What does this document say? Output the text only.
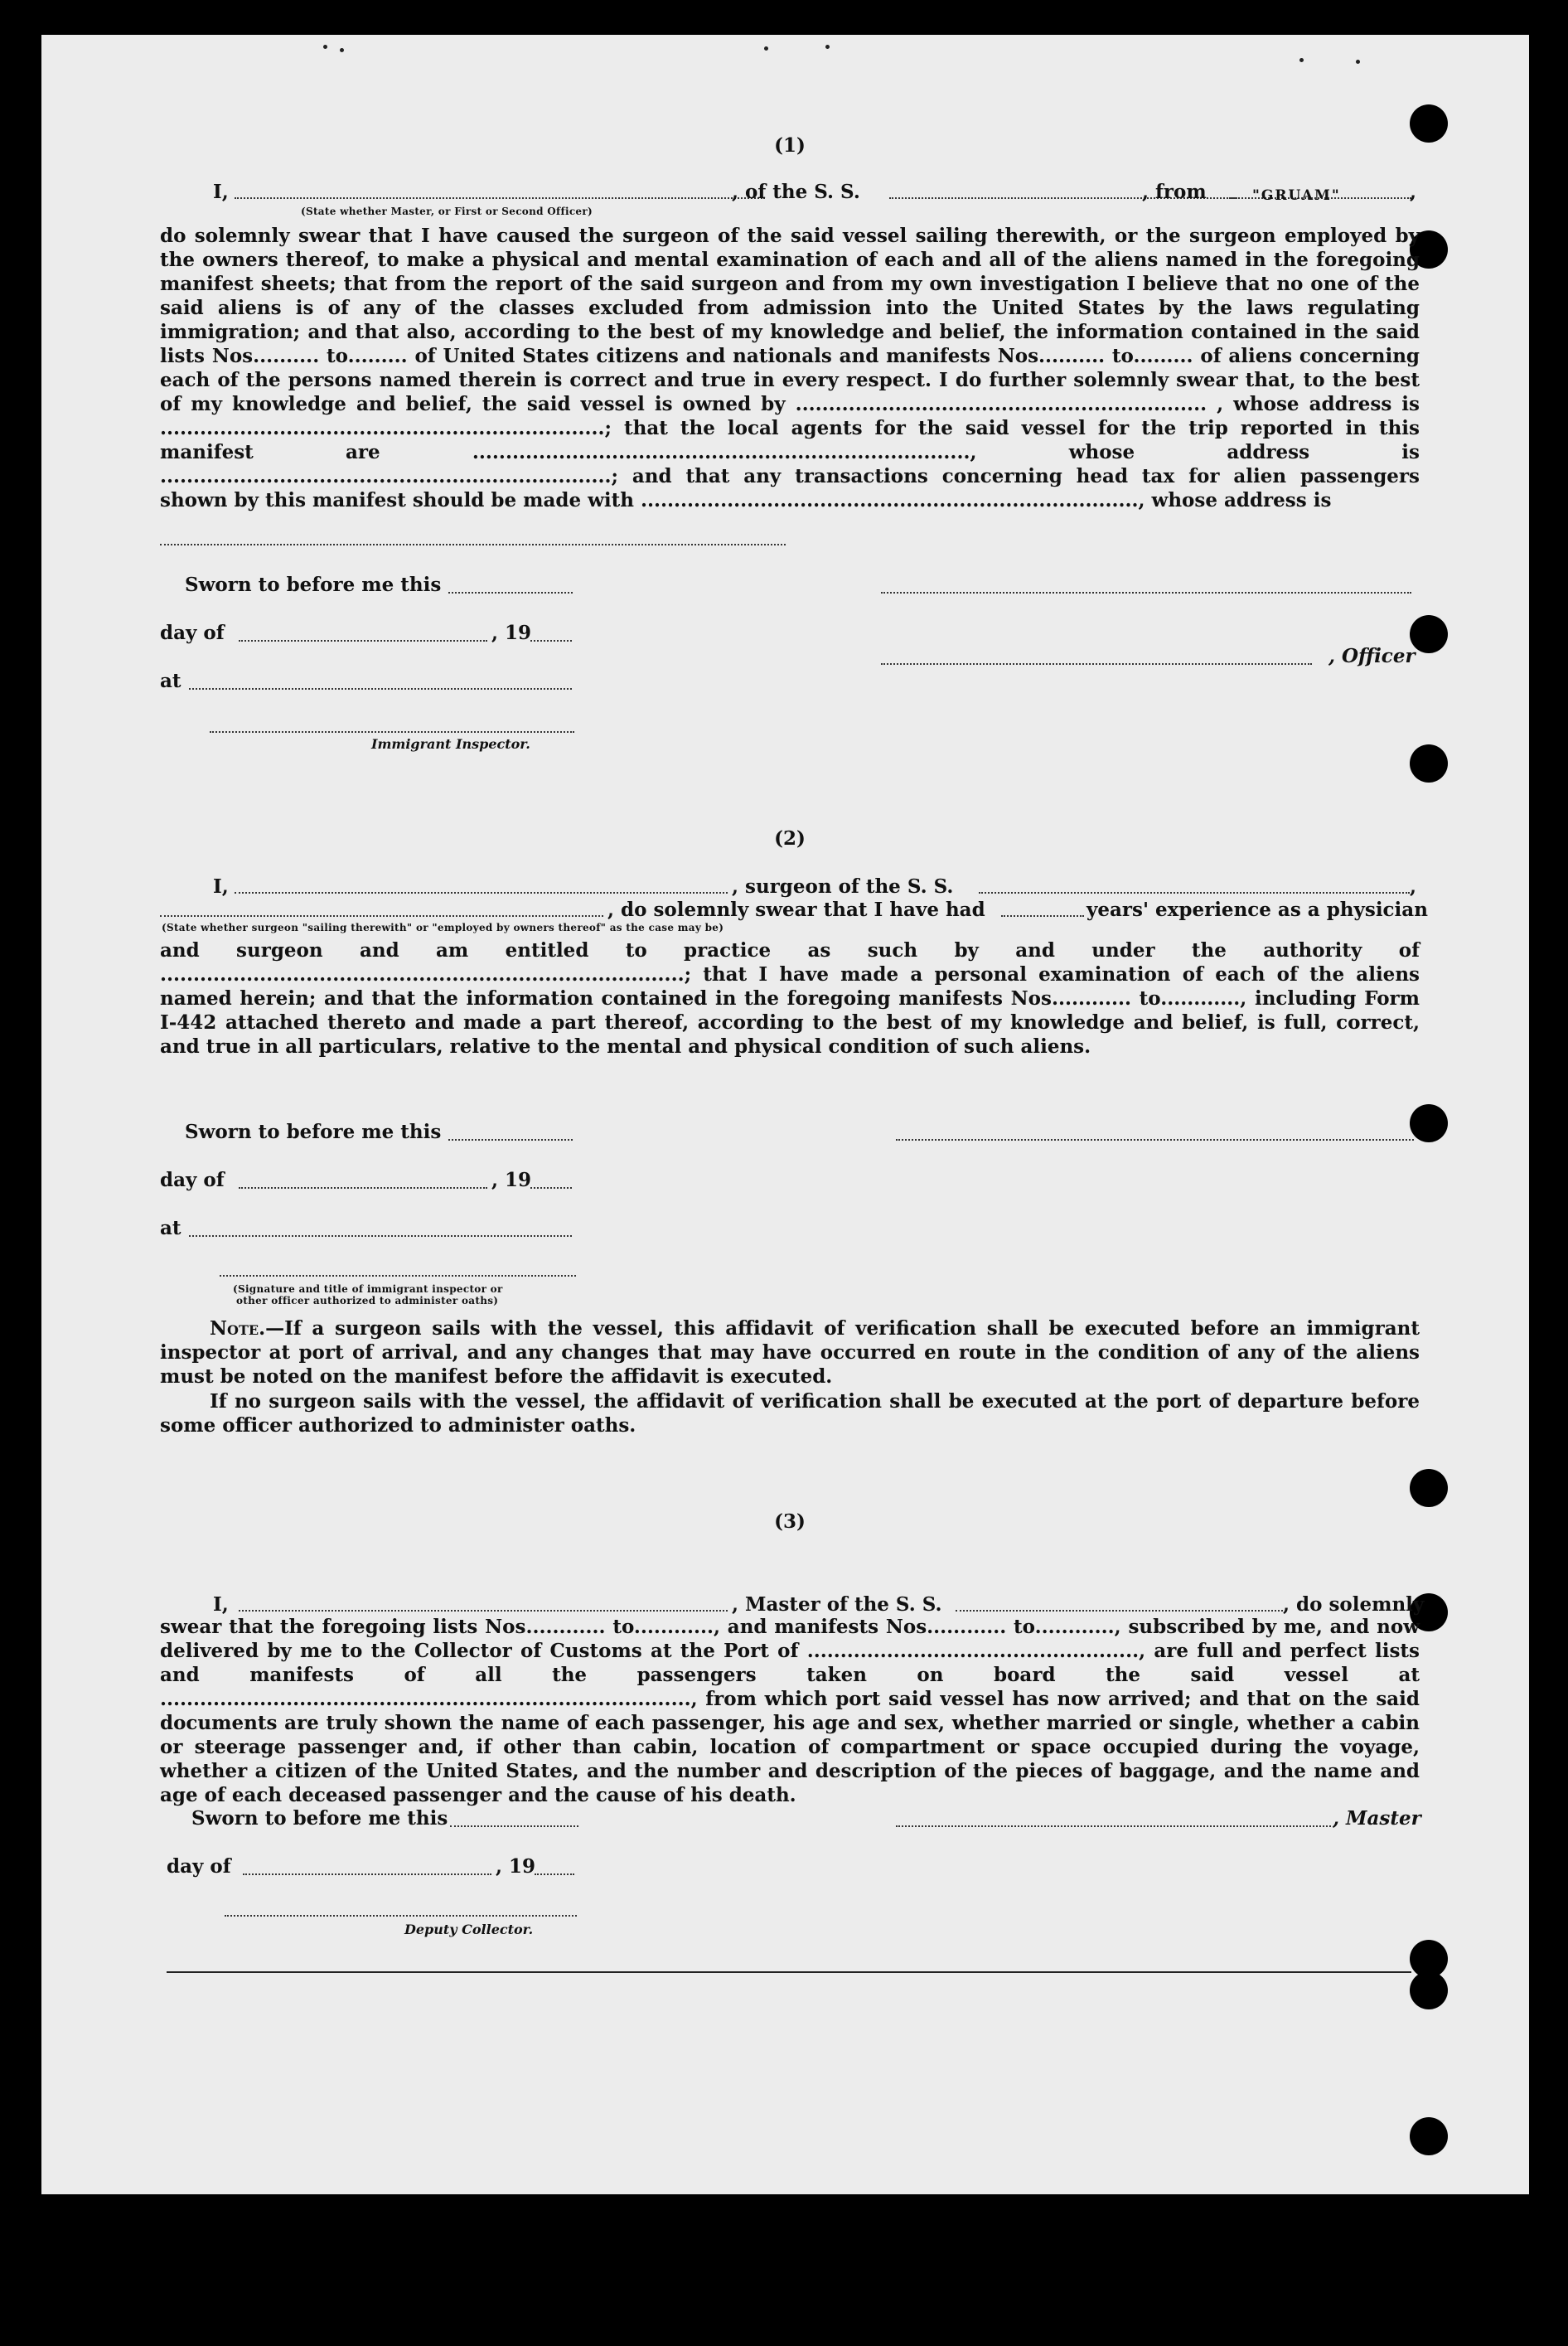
(1)
I,	, of the S. S.	, from	"GRUAM"	,
(State whether Master, or First or Second Officer)
do solemnly swear that I have caused the surgeon of the said vessel sailing therewith, or the surgeon employed by the owners thereof, to make a physical and mental examination of each and all of the aliens named in the foregoing manifest sheets; that from the report of the said surgeon and from my own investigation I believe that no one of the said aliens is of any of the classes excluded from admission into the United States by the laws regulating immigration; and that also, according to the best of my knowledge and belief, the information contained in the said lists Nos.......... to......... of United States citizens and nationals and manifests Nos.......... to......... of aliens concerning each of the persons named therein is correct and true in every respect. I do further solemnly swear that, to the best of my knowledge and belief, the said vessel is owned by .............................................................. , whose address is ...................................................................; that the local agents for the said vessel for the trip reported in this manifest are ..........................................................................., whose address is ....................................................................; and that any transactions concerning head tax for alien passengers shown by this manifest should be made with ..........................................................................., whose address is
Sworn to before me this
day of	, 19
, Officer
at
Immigrant Inspector.
(2)
I,	, surgeon of the S. S.	,
, do solemnly swear that I have had	years' experience as a physician
(State whether surgeon "sailing therewith" or "employed by owners thereof" as the case may be)
and surgeon and am entitled to practice as such by and under the authority of ...............................................................................; that I have made a personal examination of each of the aliens named herein; and that the information contained in the foregoing manifests Nos............ to............, including Form I-442 attached thereto and made a part thereof, according to the best of my knowledge and belief, is full, correct, and true in all particulars, relative to the mental and physical condition of such aliens.
Sworn to before me this
day of	, 19
at
(Signature and title of immigrant inspector or
other officer authorized to administer oaths)
Note.—If a surgeon sails with the vessel, this affidavit of verification shall be executed before an immigrant inspector at port of arrival, and any changes that may have occurred en route in the condition of any of the aliens must be noted on the manifest before the affidavit is executed.
If no surgeon sails with the vessel, the affidavit of verification shall be executed at the port of departure before some officer authorized to administer oaths.
(3)
I,	, Master of the S. S.	, do solemnly
swear that the foregoing lists Nos............ to............, and manifests Nos............ to............, subscribed by me, and now delivered by me to the Collector of Customs at the Port of .................................................., are full and perfect lists and manifests of all the passengers taken on board the said vessel at ................................................................................, from which port said vessel has now arrived; and that on the said documents are truly shown the name of each passenger, his age and sex, whether married or single, whether a cabin or steerage passenger and, if other than cabin, location of compartment or space occupied during the voyage, whether a citizen of the United States, and the number and description of the pieces of baggage, and the name and age of each deceased passenger and the cause of his death.
Sworn to before me this	, Master
day of	, 19
Deputy Collector.
